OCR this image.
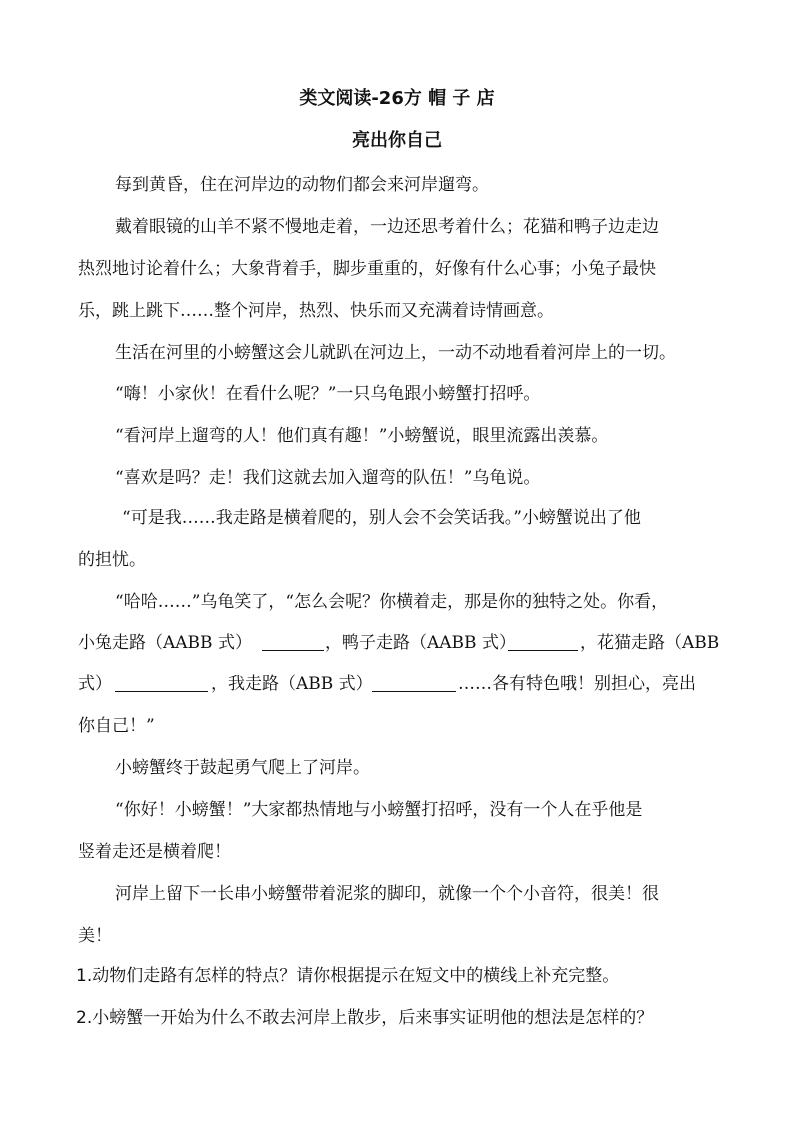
类文阅读-26方 帽 子 店
亮出你自己
每到黄昏，住在河岸边的动物们都会来河岸遛弯。
戴着眼镜的山羊不紧不慢地走着，一边还思考着什么；花猫和鸭子边走边
热烈地讨论着什么；大象背着手，脚步重重的，好像有什么心事；小兔子最快
乐，跳上跳下……整个河岸，热烈、快乐而又充满着诗情画意。
生活在河里的小螃蟹这会儿就趴在河边上，一动不动地看着河岸上的一切。
“嗨！小家伙！在看什么呢？”一只乌龟跟小螃蟹打招呼。
“看河岸上遛弯的人！他们真有趣！”小螃蟹说，眼里流露出羡慕。
“喜欢是吗？走！我们这就去加入遛弯的队伍！”乌龟说。
“可是我……我走路是横着爬的，别人会不会笑话我。”小螃蟹说出了他
的担忧。
“哈哈……”乌龟笑了，“怎么会呢？你横着走，那是你的独特之处。你看，
小兔走路（AABB 式）	，鸭子走路（AABB 式）	，花猫走路（ABB
式）	，我走路（ABB 式）	……各有特色哦！别担心，亮出
你自己！”
小螃蟹终于鼓起勇气爬上了河岸。
“你好！小螃蟹！”大家都热情地与小螃蟹打招呼，没有一个人在乎他是
竖着走还是横着爬！
河岸上留下一长串小螃蟹带着泥浆的脚印，就像一个个小音符，很美！很
美！
1.动物们走路有怎样的特点？请你根据提示在短文中的横线上补充完整。
2.小螃蟹一开始为什么不敢去河岸上散步，后来事实证明他的想法是怎样的？
